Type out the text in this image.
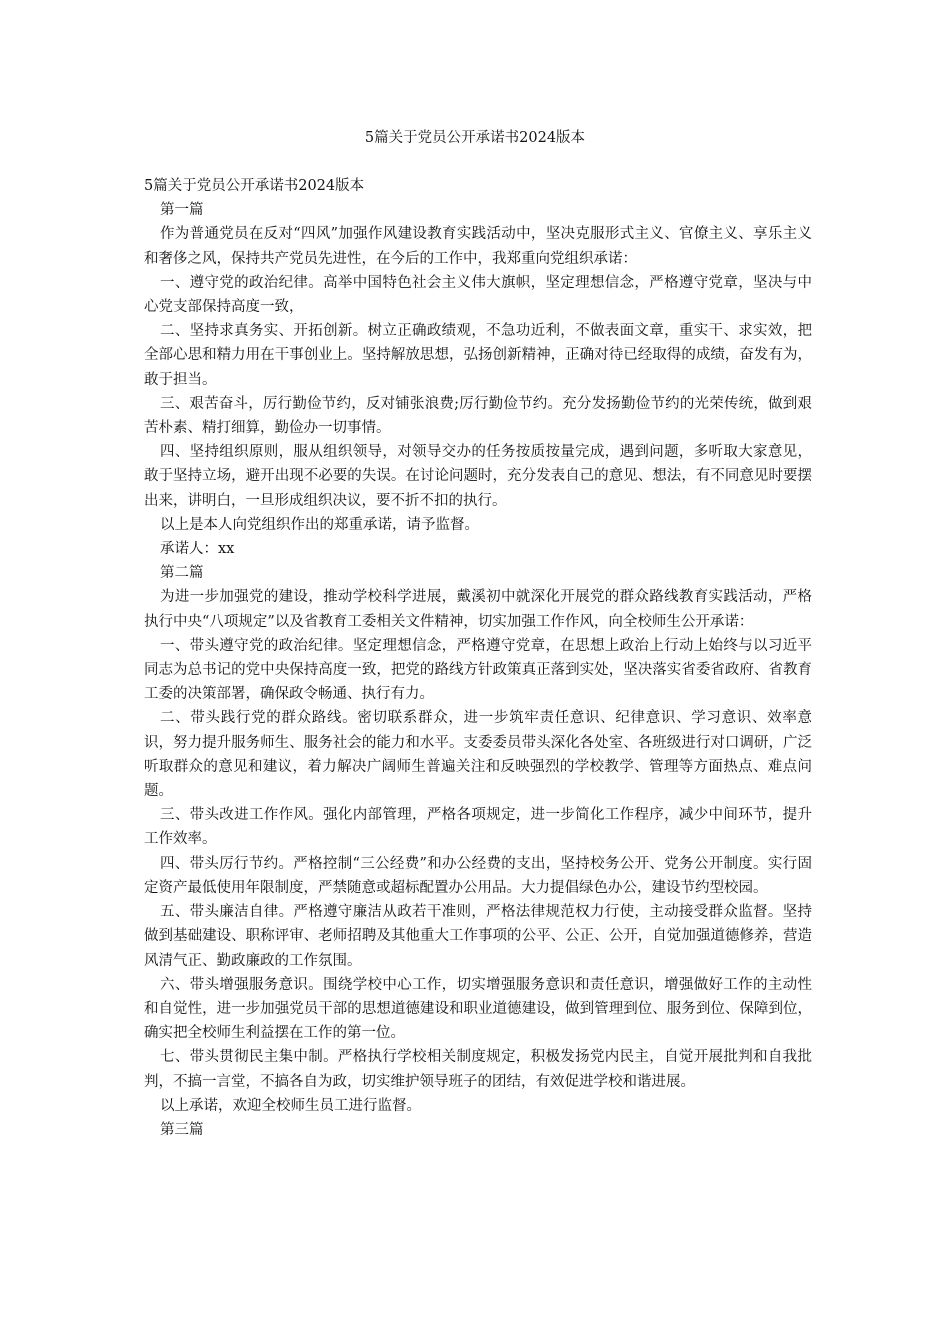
5篇关于党员公开承诺书2024版本

5篇关于党员公开承诺书2024版本

第一篇

作为普通党员在反对“四风”加强作风建设教育实践活动中，坚决克服形式主义、官僚主义、享乐主义和奢侈之风，保持共产党员先进性，在今后的工作中，我郑重向党组织承诺：

一、遵守党的政治纪律。高举中国特色社会主义伟大旗帜，坚定理想信念，严格遵守党章，坚决与中心党支部保持高度一致，

二、坚持求真务实、开拓创新。树立正确政绩观，不急功近利，不做表面文章，重实干、求实效，把全部心思和精力用在干事创业上。坚持解放思想，弘扬创新精神，正确对待已经取得的成绩，奋发有为，敢于担当。

三、艰苦奋斗，厉行勤俭节约，反对铺张浪费;厉行勤俭节约。充分发扬勤俭节约的光荣传统，做到艰苦朴素、精打细算，勤俭办一切事情。

四、坚持组织原则，服从组织领导，对领导交办的任务按质按量完成，遇到问题，多听取大家意见，敢于坚持立场，避开出现不必要的失误。在讨论问题时，充分发表自己的意见、想法，有不同意见时要摆出来，讲明白，一旦形成组织决议，要不折不扣的执行。

以上是本人向党组织作出的郑重承诺，请予监督。

承诺人：xx

第二篇

为进一步加强党的建设，推动学校科学进展，戴溪初中就深化开展党的群众路线教育实践活动，严格执行中央“八项规定”以及省教育工委相关文件精神，切实加强工作作风，向全校师生公开承诺：

一、带头遵守党的政治纪律。坚定理想信念，严格遵守党章，在思想上政治上行动上始终与以习近平同志为总书记的党中央保持高度一致，把党的路线方针政策真正落到实处，坚决落实省委省政府、省教育工委的决策部署，确保政令畅通、执行有力。

二、带头践行党的群众路线。密切联系群众，进一步筑牢责任意识、纪律意识、学习意识、效率意识，努力提升服务师生、服务社会的能力和水平。支委委员带头深化各处室、各班级进行对口调研，广泛听取群众的意见和建议，着力解决广阔师生普遍关注和反映强烈的学校教学、管理等方面热点、难点问题。

三、带头改进工作作风。强化内部管理，严格各项规定，进一步简化工作程序，减少中间环节，提升工作效率。

四、带头厉行节约。严格控制“三公经费”和办公经费的支出，坚持校务公开、党务公开制度。实行固定资产最低使用年限制度，严禁随意或超标配置办公用品。大力提倡绿色办公，建设节约型校园。

五、带头廉洁自律。严格遵守廉洁从政若干准则，严格法律规范权力行使，主动接受群众监督。坚持做到基础建设、职称评审、老师招聘及其他重大工作事项的公平、公正、公开，自觉加强道德修养，营造风清气正、勤政廉政的工作氛围。

六、带头增强服务意识。围绕学校中心工作，切实增强服务意识和责任意识，增强做好工作的主动性和自觉性，进一步加强党员干部的思想道德建设和职业道德建设，做到管理到位、服务到位、保障到位，确实把全校师生利益摆在工作的第一位。

七、带头贯彻民主集中制。严格执行学校相关制度规定，积极发扬党内民主，自觉开展批判和自我批判，不搞一言堂，不搞各自为政，切实维护领导班子的团结，有效促进学校和谐进展。

以上承诺，欢迎全校师生员工进行监督。

第三篇
